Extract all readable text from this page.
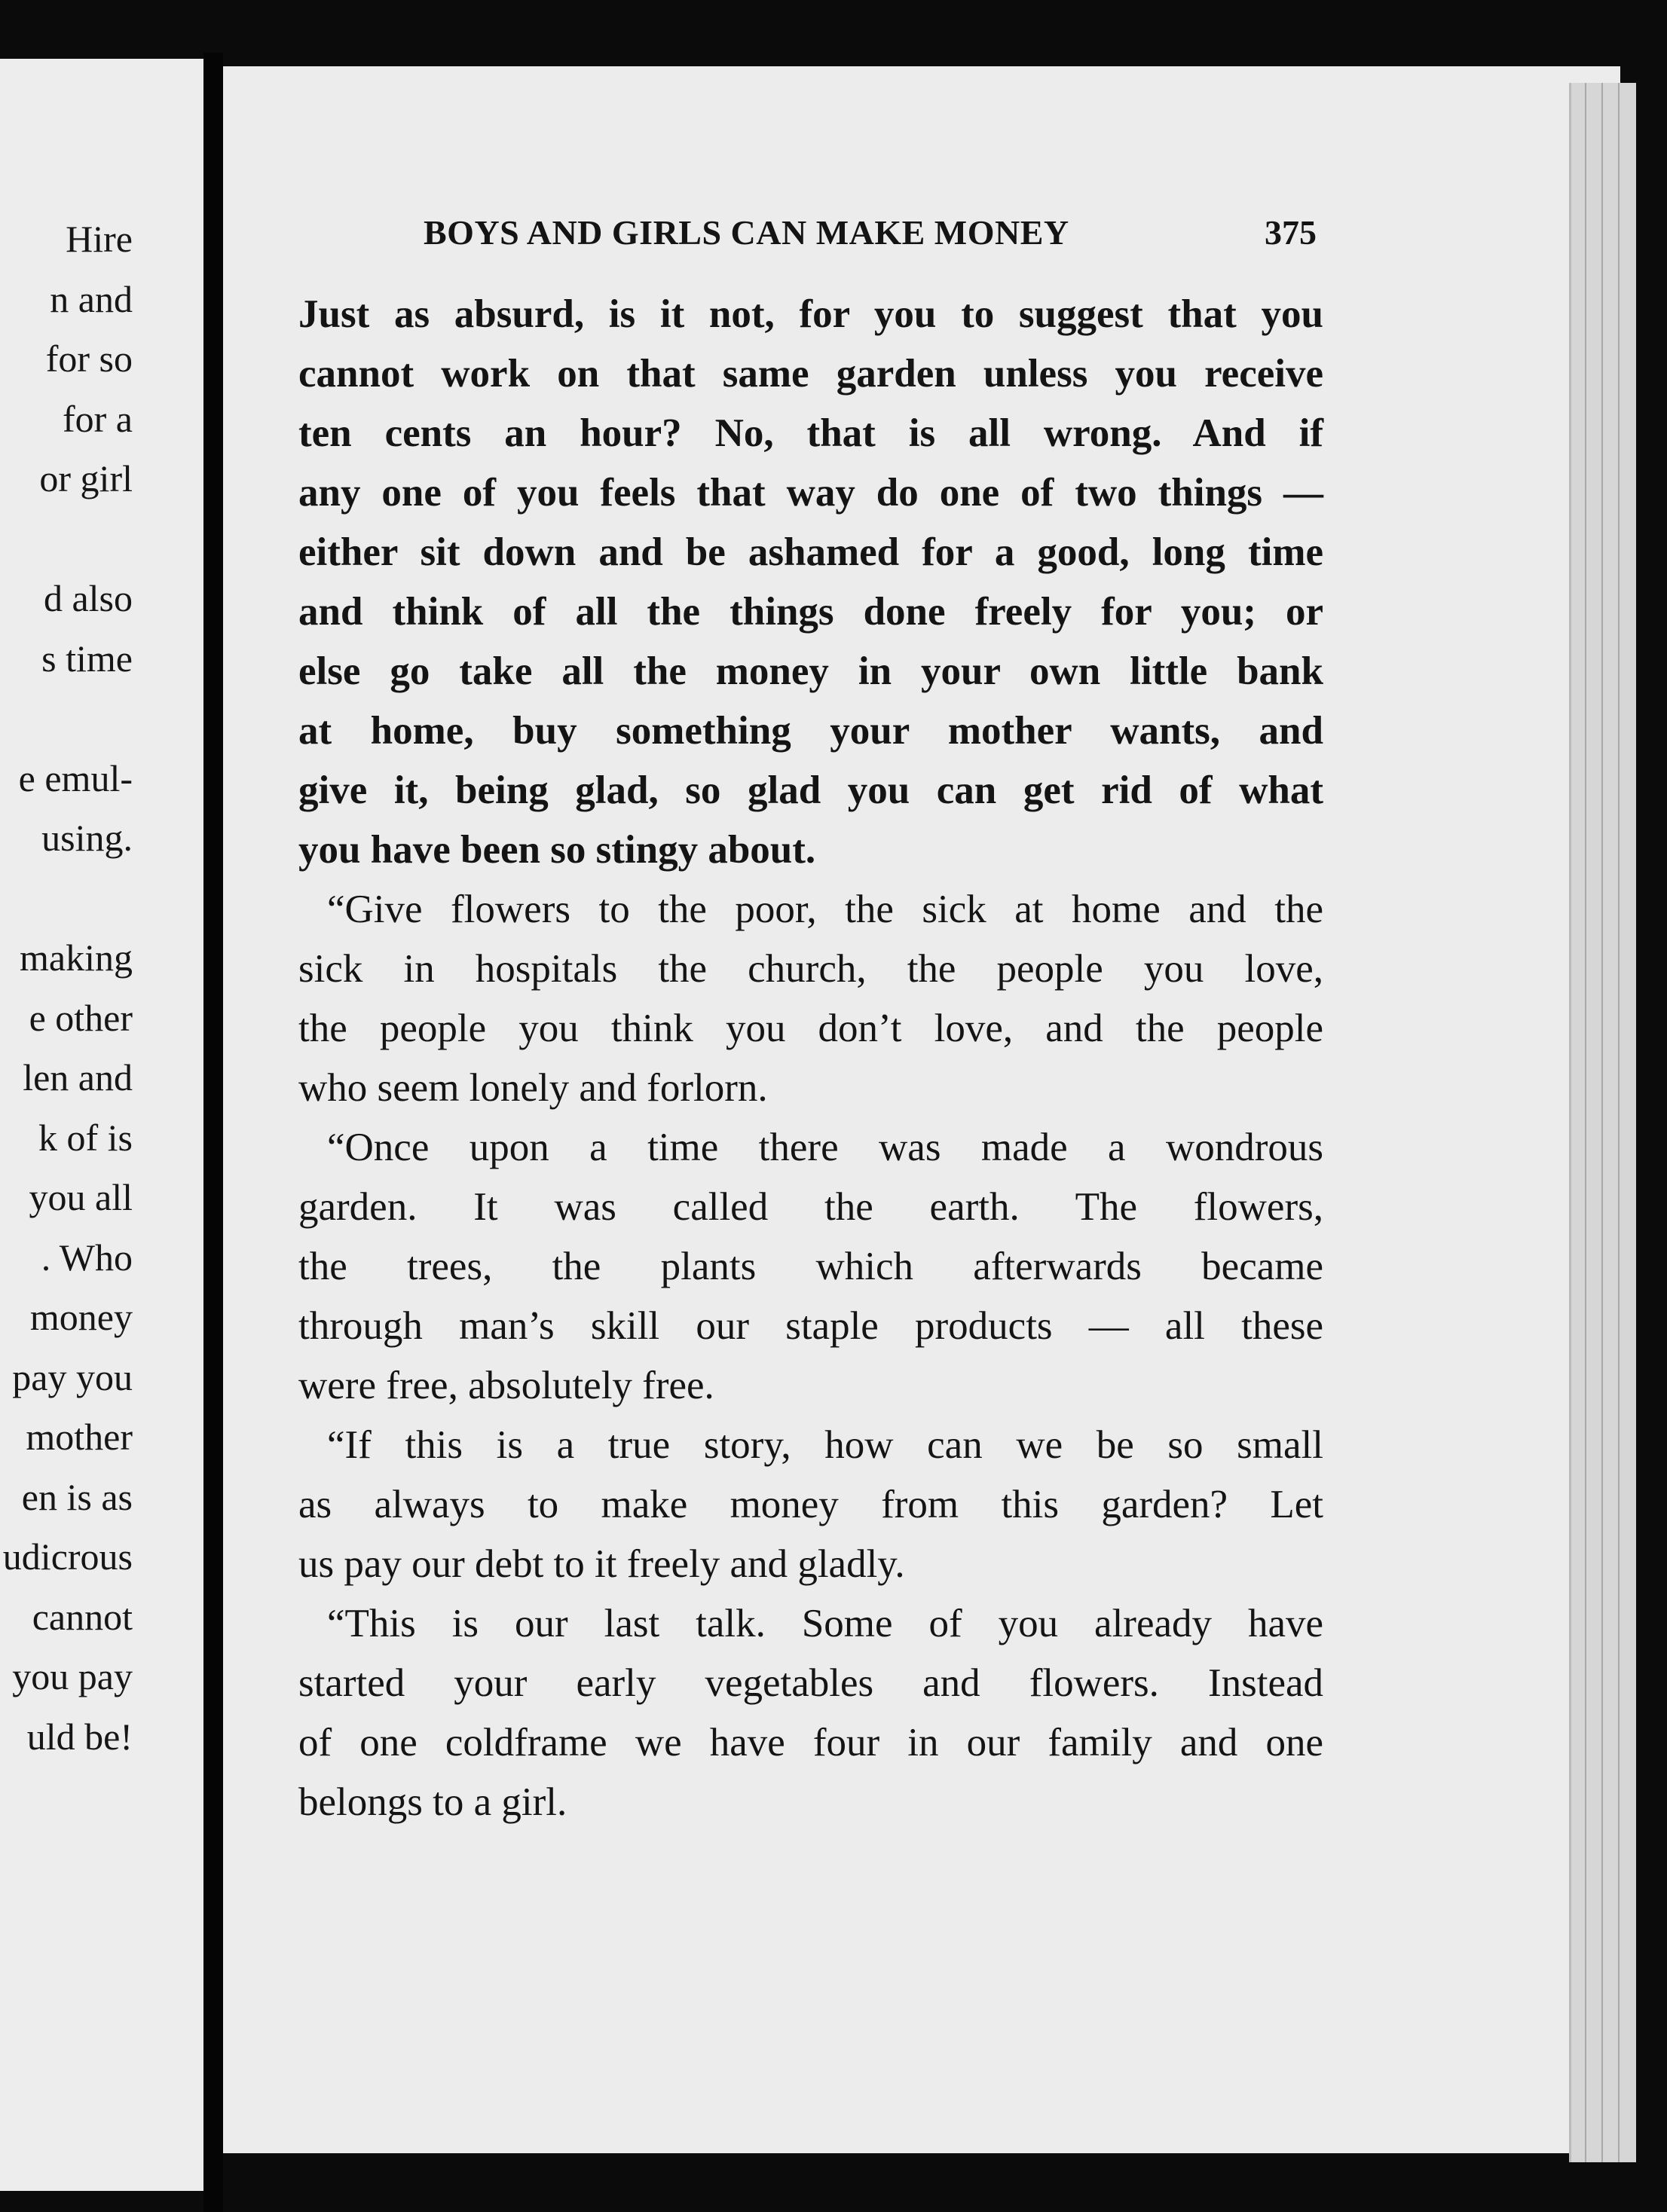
Hire
n and
for so
for a
or girl
d also
s time
e emul-
using.
making
e other
len and
k of is
you all
. Who
money
pay you
mother
en is as
udicrous
cannot
you pay
uld be!
BOYS AND GIRLS CAN MAKE MONEY	375
Just as absurd, is it not, for you to suggest that you
cannot work on that same garden unless you receive
ten cents an hour? No, that is all wrong. And if
any one of you feels that way do one of two things —
either sit down and be ashamed for a good, long time
and think of all the things done freely for you; or
else go take all the money in your own little bank
at home, buy something your mother wants, and
give it, being glad, so glad you can get rid of what
you have been so stingy about.
“Give flowers to the poor, the sick at home and the
sick in hospitals the church, the people you love,
the people you think you don’t love, and the people
who seem lonely and forlorn.
“Once upon a time there was made a wondrous
garden. It was called the earth. The flowers,
the trees, the plants which afterwards became
through man’s skill our staple products — all these
were free, absolutely free.
“If this is a true story, how can we be so small
as always to make money from this garden? Let
us pay our debt to it freely and gladly.
“This is our last talk. Some of you already have
started your early vegetables and flowers. Instead
of one coldframe we have four in our family and one
belongs to a girl.
